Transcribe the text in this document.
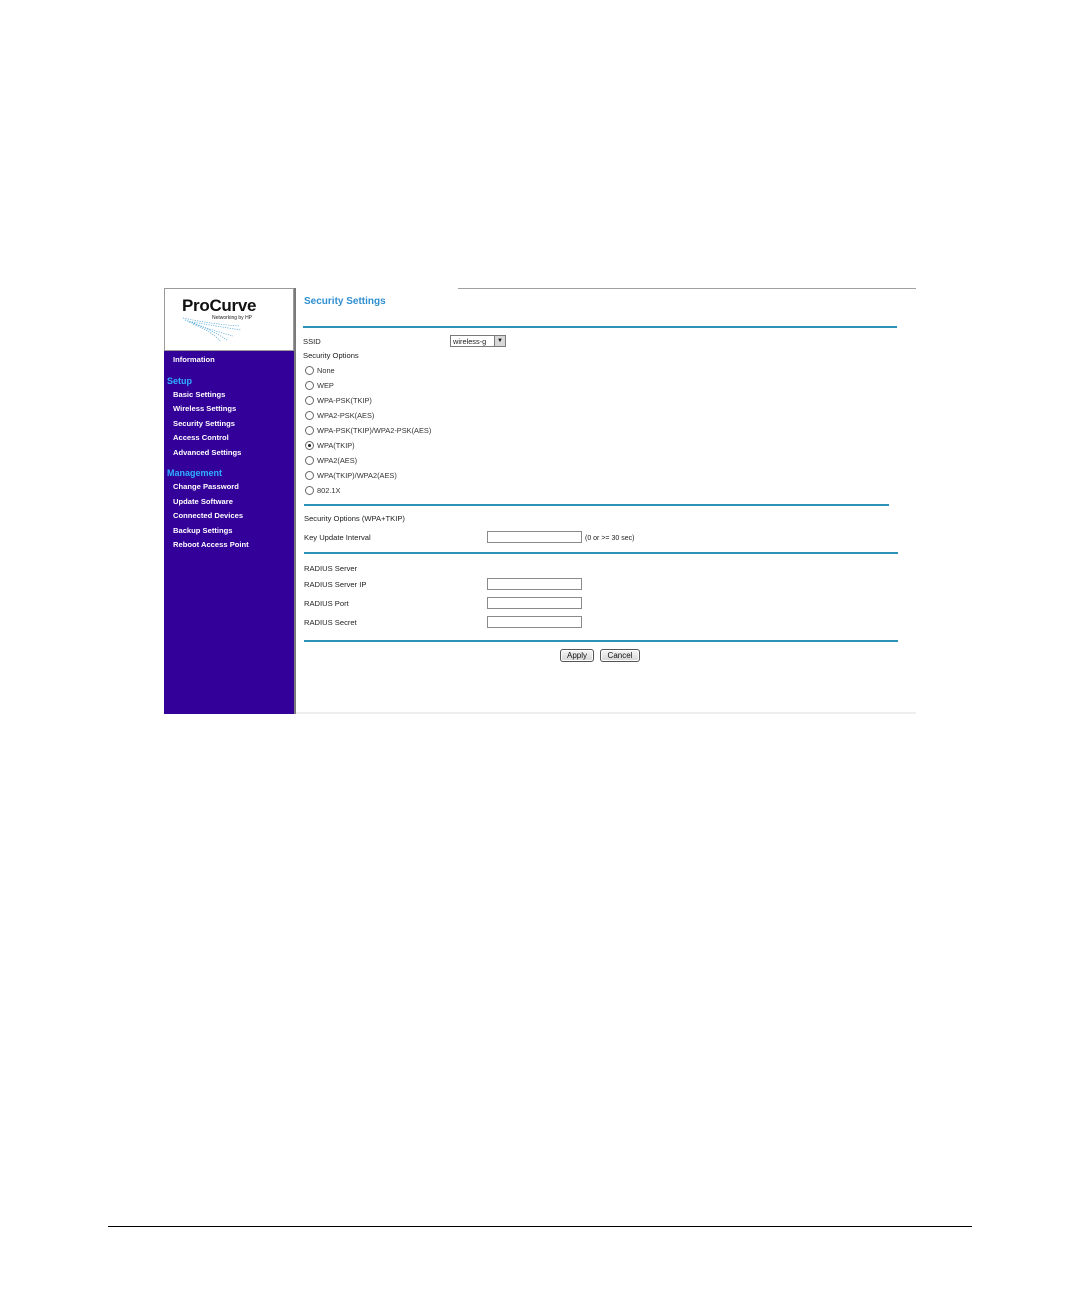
ProCurve
Networking by HP
Information
Setup
Basic Settings
Wireless Settings
Security Settings
Access Control
Advanced Settings
Management
Change Password
Update Software
Connected Devices
Backup Settings
Reboot Access Point
Security Settings
SSID	wireless-g	▼
Security Options
None
WEP
WPA-PSK(TKIP)
WPA2-PSK(AES)
WPA-PSK(TKIP)/WPA2-PSK(AES)
WPA(TKIP)
WPA2(AES)
WPA(TKIP)/WPA2(AES)
802.1X
Security Options (WPA+TKIP)
Key Update Interval	(0 or >= 30 sec)
RADIUS Server
RADIUS Server IP
RADIUS Port
RADIUS Secret
Apply	Cancel
